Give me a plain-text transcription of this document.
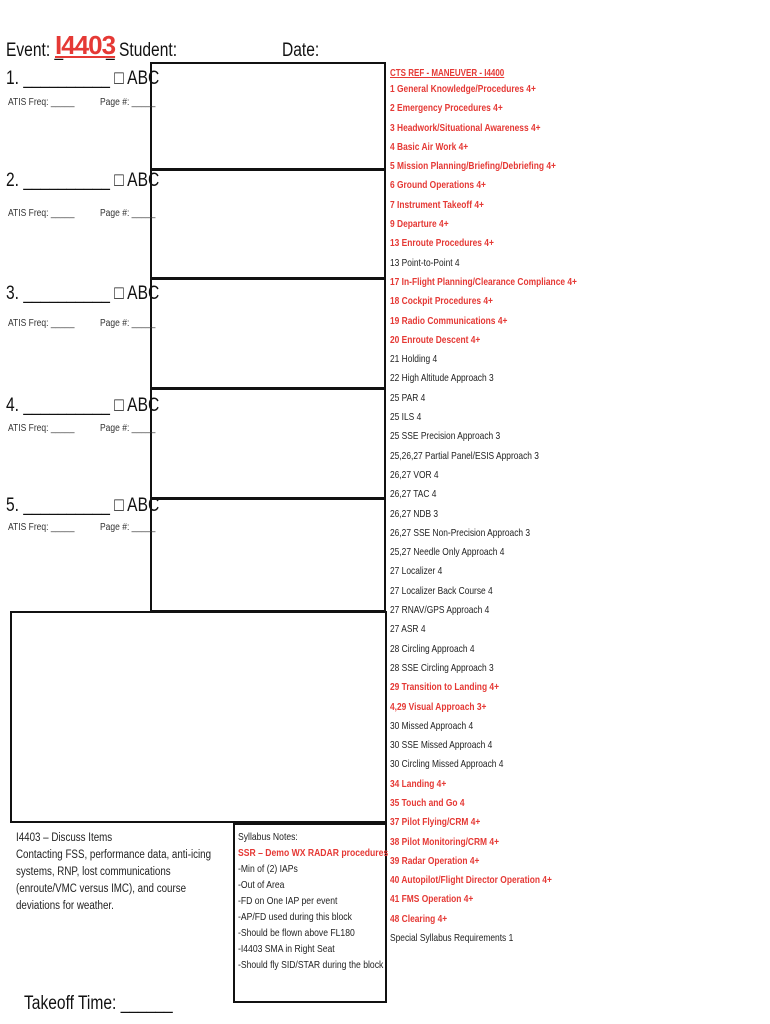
Event: _
I4403
_ Student:	Date:
1. __________ □ ABC
ATIS Freq: _____	Page #: _____
2. __________ □ ABC
ATIS Freq: _____	Page #: _____
3. __________ □ ABC
ATIS Freq: _____	Page #: _____
4. __________ □ ABC
ATIS Freq: _____	Page #: _____
5. __________ □ ABC
ATIS Freq: _____	Page #: _____
I4403 – Discuss Items
Contacting FSS, performance data, anti-icing systems, RNP, lost communications (enroute/VMC versus IMC), and course deviations for weather.
Syllabus Notes:
SSR – Demo WX RADAR procedures
-Min of (2) IAPs
-Out of Area
-FD on One IAP per event
-AP/FD used during this block
-Should be flown above FL180
-I4403 SMA in Right Seat
-Should fly SID/STAR during the block
CTS REF - MANEUVER - I4400
1 General Knowledge/Procedures 4+
2 Emergency Procedures 4+
3 Headwork/Situational Awareness 4+
4 Basic Air Work 4+
5 Mission Planning/Briefing/Debriefing 4+
6 Ground Operations 4+
7 Instrument Takeoff 4+
9 Departure 4+
13 Enroute Procedures 4+
13 Point-to-Point 4
17 In-Flight Planning/Clearance Compliance 4+
18 Cockpit Procedures 4+
19 Radio Communications 4+
20 Enroute Descent 4+
21 Holding 4
22 High Altitude Approach 3
25 PAR 4
25 ILS 4
25 SSE Precision Approach 3
25,26,27 Partial Panel/ESIS Approach 3
26,27 VOR 4
26,27 TAC 4
26,27 NDB 3
26,27 SSE Non-Precision Approach 3
25,27 Needle Only Approach 4
27 Localizer 4
27 Localizer Back Course 4
27 RNAV/GPS Approach 4
27 ASR 4
28 Circling Approach 4
28 SSE Circling Approach 3
29 Transition to Landing 4+
4,29 Visual Approach 3+
30 Missed Approach 4
30 SSE Missed Approach 4
30 Circling Missed Approach 4
34 Landing 4+
35 Touch and Go 4
37 Pilot Flying/CRM 4+
38 Pilot Monitoring/CRM 4+
39 Radar Operation 4+
40 Autopilot/Flight Director Operation 4+
41 FMS Operation 4+
48 Clearing 4+
Special Syllabus Requirements 1
Takeoff Time: ______
